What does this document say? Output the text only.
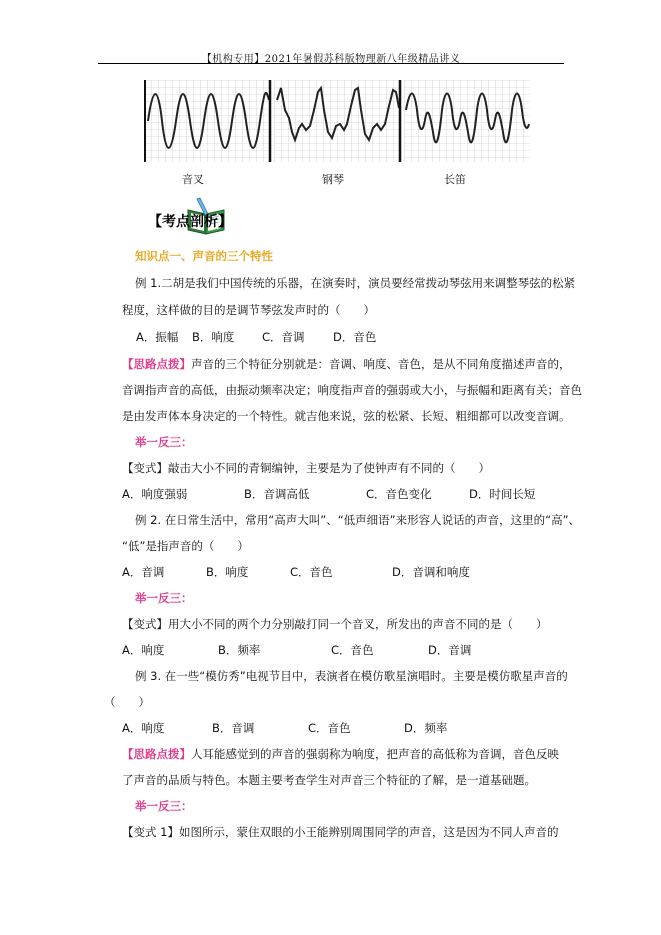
【机构专用】2021年暑假苏科版物理新八年级精品讲义
音叉	钢琴	长笛
【考点剖析】
知识点一、声音的三个特性
例 1.二胡是我们中国传统的乐器，在演奏时，演员要经常拨动琴弦用来调整琴弦的松紧
程度，这样做的目的是调节琴弦发声时的（　　）
A．振幅 B．响度 C．音调 D．音色
【思路点拨】声音的三个特征分别就是：音调、响度、音色，是从不同角度描述声音的，
音调指声音的高低，由振动频率决定；响度指声音的强弱或大小，与振幅和距离有关；音色
是由发声体本身决定的一个特性。就吉他来说，弦的松紧、长短、粗细都可以改变音调。
举一反三：
【变式】敲击大小不同的青铜编钟，主要是为了使钟声有不同的（　　）
A．响度强弱	B．音调高低	C．音色变化	D．时间长短
例 2. 在日常生活中，常用“高声大叫”、“低声细语”来形容人说话的声音，这里的“高”、
“低”是指声音的（　　）
A．音调	B．响度	C．音色	D．音调和响度
举一反三：
【变式】用大小不同的两个力分别敲打同一个音叉，所发出的声音不同的是（　　）
A．响度	B．频率	C．音色	D．音调
例 3. 在一些“模仿秀”电视节目中，表演者在模仿歌星演唱时。主要是模仿歌星声音的
（　　）
A．响度	B．音调	C．音色	D．频率
【思路点拨】人耳能感觉到的声音的强弱称为响度，把声音的高低称为音调，音色反映
了声音的品质与特色。本题主要考查学生对声音三个特征的了解，是一道基础题。
举一反三：
【变式 1】如图所示，蒙住双眼的小王能辨别周围同学的声音，这是因为不同人声音的
